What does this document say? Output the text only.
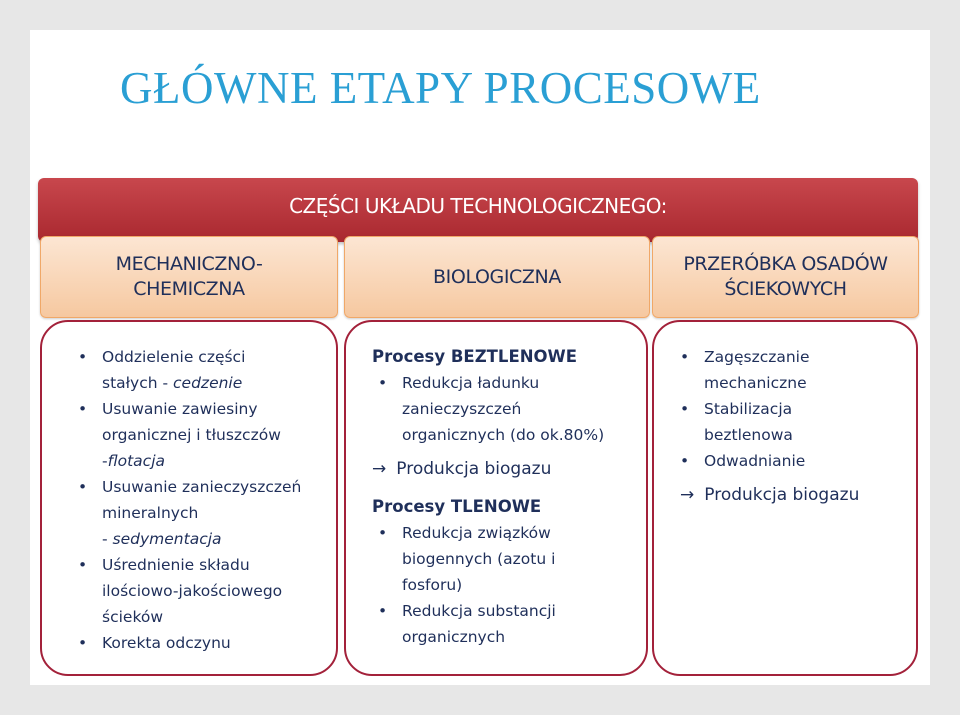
GŁÓWNE ETAPY PROCESOWE
CZĘŚCI UKŁADU TECHNOLOGICZNEGO:
MECHANICZNO-
CHEMICZNA
BIOLOGICZNA
PRZERÓBKA OSADÓW
ŚCIEKOWYCH
• Oddzielenie części
stałych - cedzenie
• Usuwanie zawiesiny
organicznej i tłuszczów
-flotacja
• Usuwanie zanieczyszczeń
mineralnych
- sedymentacja
• Uśrednienie składu
ilościowo-jakościowego
ścieków
• Korekta odczynu
Procesy BEZTLENOWE
• Redukcja ładunku
zanieczyszczeń
organicznych (do ok.80%)
→ Produkcja biogazu
Procesy TLENOWE
• Redukcja związków
biogennych (azotu i
fosforu)
• Redukcja substancji
organicznych
• Zagęszczanie
mechaniczne
• Stabilizacja
beztlenowa
• Odwadnianie
→ Produkcja biogazu
